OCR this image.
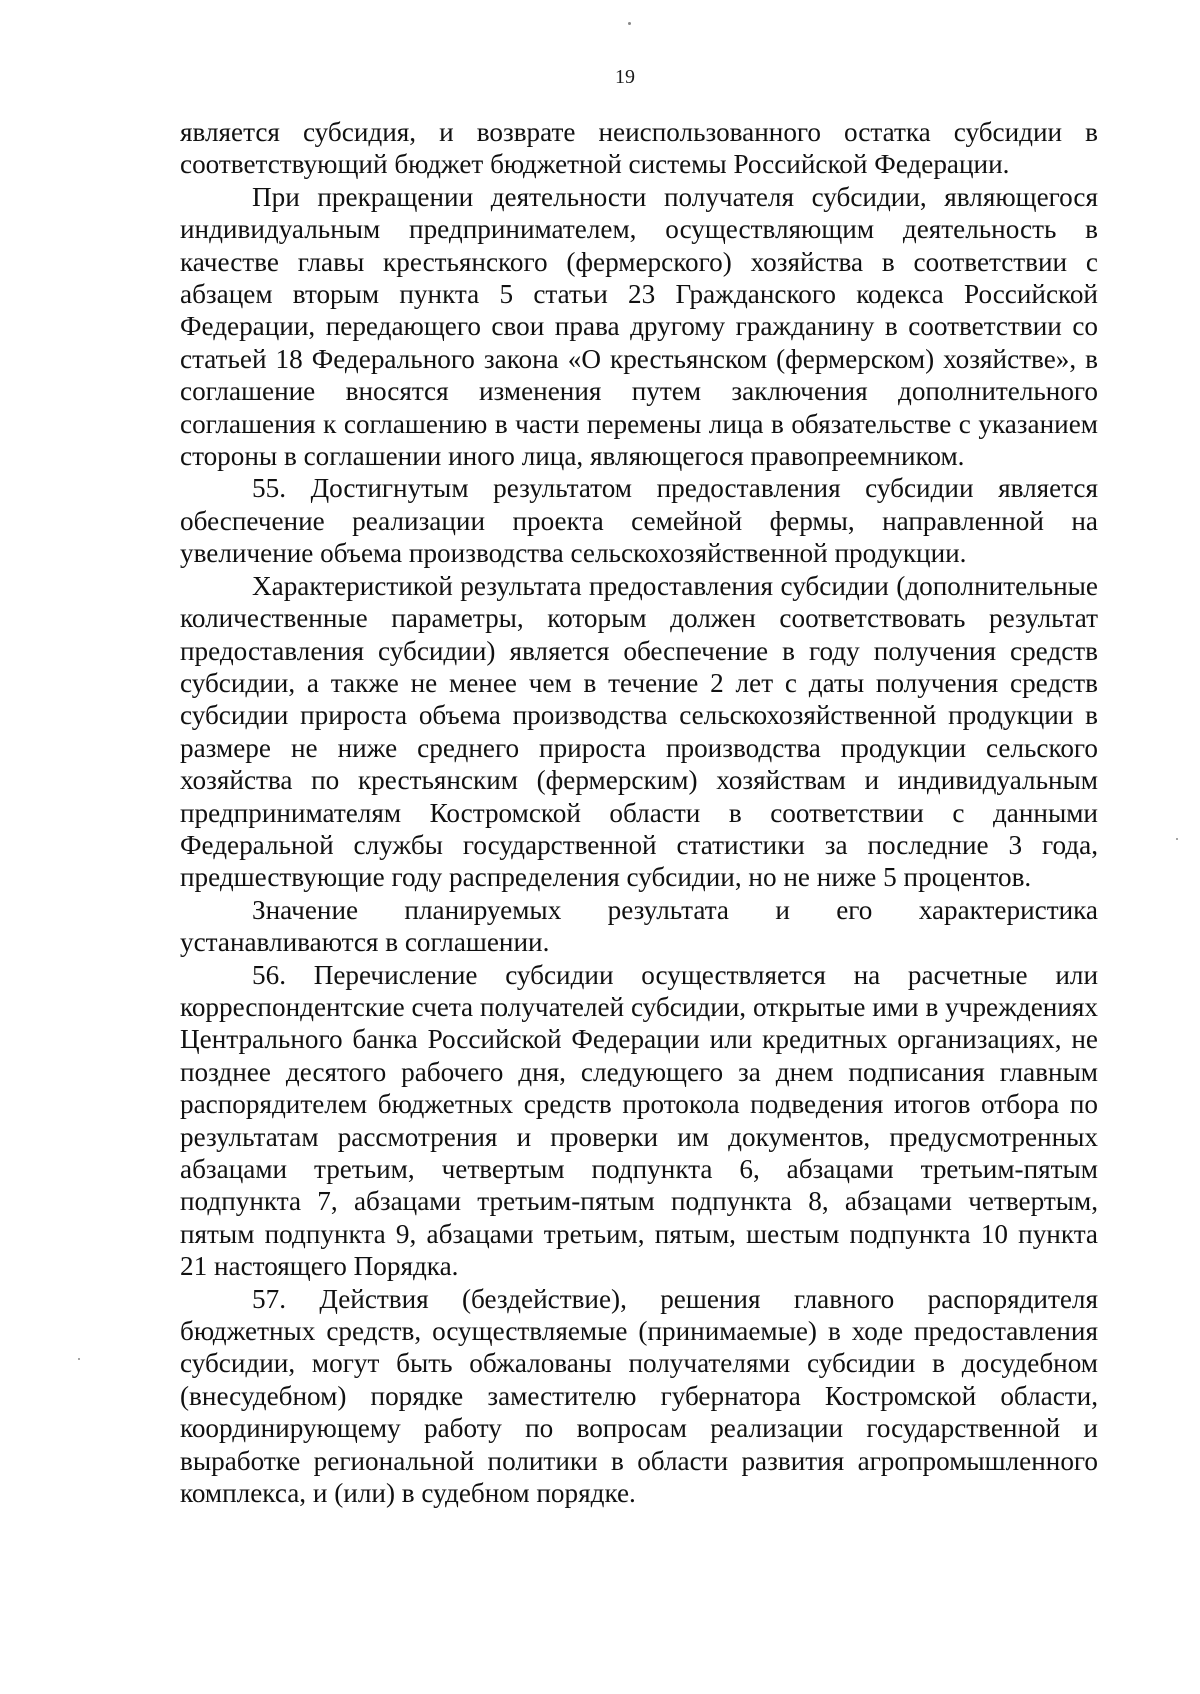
19

является субсидия, и возврате неиспользованного остатка субсидии в соответствующий бюджет бюджетной системы Российской Федерации.

При прекращении деятельности получателя субсидии, являющегося индивидуальным предпринимателем, осуществляющим деятельность в качестве главы крестьянского (фермерского) хозяйства в соответствии с абзацем вторым пункта 5 статьи 23 Гражданского кодекса Российской Федерации, передающего свои права другому гражданину в соответствии со статьей 18 Федерального закона «О крестьянском (фермерском) хозяйстве», в соглашение вносятся изменения путем заключения дополнительного соглашения к соглашению в части перемены лица в обязательстве с указанием стороны в соглашении иного лица, являющегося правопреемником.

55. Достигнутым результатом предоставления субсидии является обеспечение реализации проекта семейной фермы, направленной на увеличение объема производства сельскохозяйственной продукции.

Характеристикой результата предоставления субсидии (дополнительные количественные параметры, которым должен соответствовать результат предоставления субсидии) является обеспечение в году получения средств субсидии, а также не менее чем в течение 2 лет с даты получения средств субсидии прироста объема производства сельскохозяйственной продукции в размере не ниже среднего прироста производства продукции сельского хозяйства по крестьянским (фермерским) хозяйствам и индивидуальным предпринимателям Костромской области в соответствии с данными Федеральной службы государственной статистики за последние 3 года, предшествующие году распределения субсидии, но не ниже 5 процентов.

Значение планируемых результата и его характеристика устанавливаются в соглашении.

56. Перечисление субсидии осуществляется на расчетные или корреспондентские счета получателей субсидии, открытые ими в учреждениях Центрального банка Российской Федерации или кредитных организациях, не позднее десятого рабочего дня, следующего за днем подписания главным распорядителем бюджетных средств протокола подведения итогов отбора по результатам рассмотрения и проверки им документов, предусмотренных абзацами третьим, четвертым подпункта 6, абзацами третьим-пятым подпункта 7, абзацами третьим-пятым подпункта 8, абзацами четвертым, пятым подпункта 9, абзацами третьим, пятым, шестым подпункта 10 пункта 21 настоящего Порядка.

57. Действия (бездействие), решения главного распорядителя бюджетных средств, осуществляемые (принимаемые) в ходе предоставления субсидии, могут быть обжалованы получателями субсидии в досудебном (внесудебном) порядке заместителю губернатора Костромской области, координирующему работу по вопросам реализации государственной и выработке региональной политики в области развития агропромышленного комплекса, и (или) в судебном порядке.
